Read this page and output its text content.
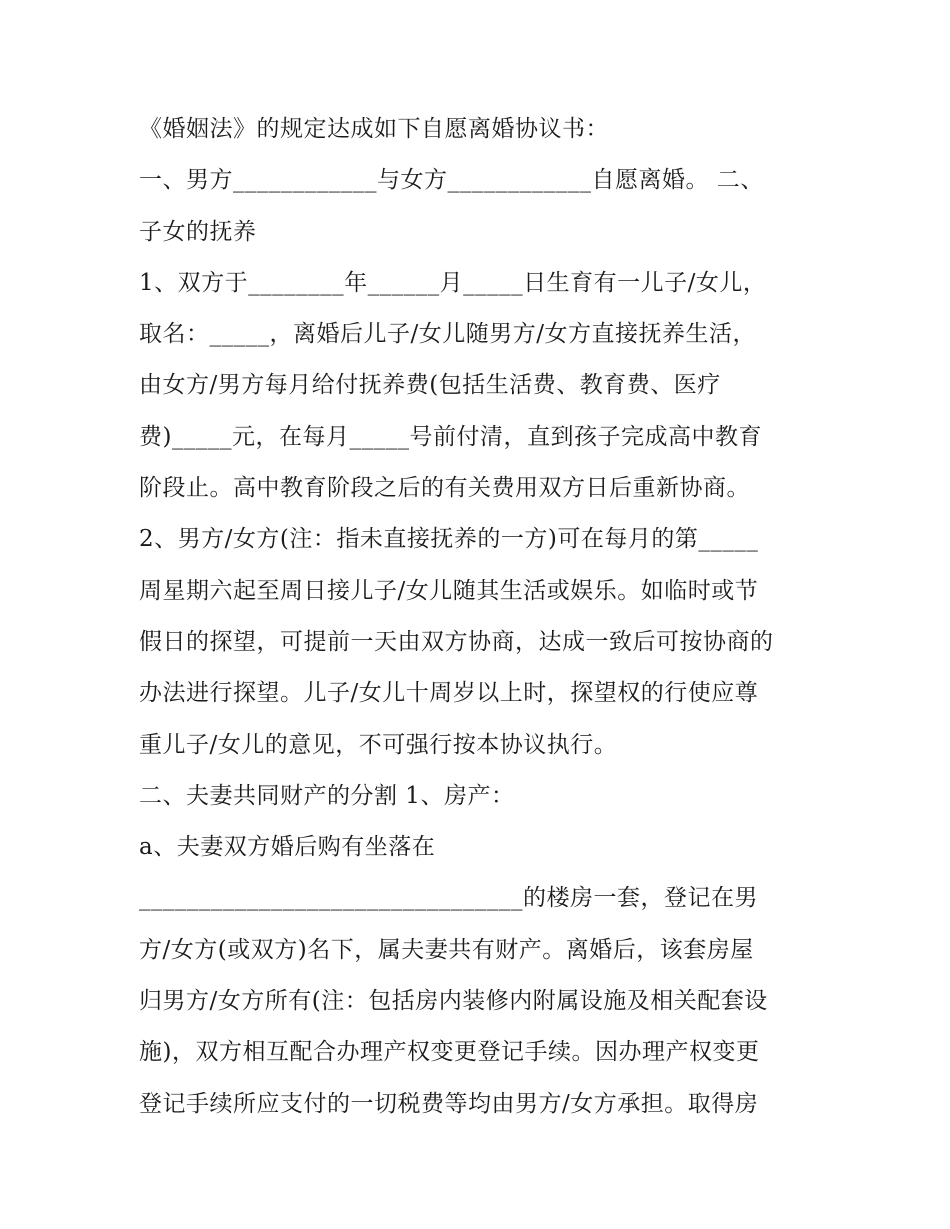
《婚姻法》的规定达成如下自愿离婚协议书：
一、男方____________与女方____________自愿离婚。 二、
子女的抚养
1、双方于________年______月_____日生育有一儿子/女儿，
取名：_____，离婚后儿子/女儿随男方/女方直接抚养生活，
由女方/男方每月给付抚养费(包括生活费、教育费、医疗
费)_____元，在每月_____号前付清，直到孩子完成高中教育
阶段止。高中教育阶段之后的有关费用双方日后重新协商。
2、男方/女方(注：指未直接抚养的一方)可在每月的第_____
周星期六起至周日接儿子/女儿随其生活或娱乐。如临时或节
假日的探望，可提前一天由双方协商，达成一致后可按协商的
办法进行探望。儿子/女儿十周岁以上时，探望权的行使应尊
重儿子/女儿的意见，不可强行按本协议执行。
二、夫妻共同财产的分割 1、房产：
a、夫妻双方婚后购有坐落在
________________________________的楼房一套，登记在男
方/女方(或双方)名下，属夫妻共有财产。离婚后，该套房屋
归男方/女方所有(注：包括房内装修内附属设施及相关配套设
施)，双方相互配合办理产权变更登记手续。因办理产权变更
登记手续所应支付的一切税费等均由男方/女方承担。取得房
